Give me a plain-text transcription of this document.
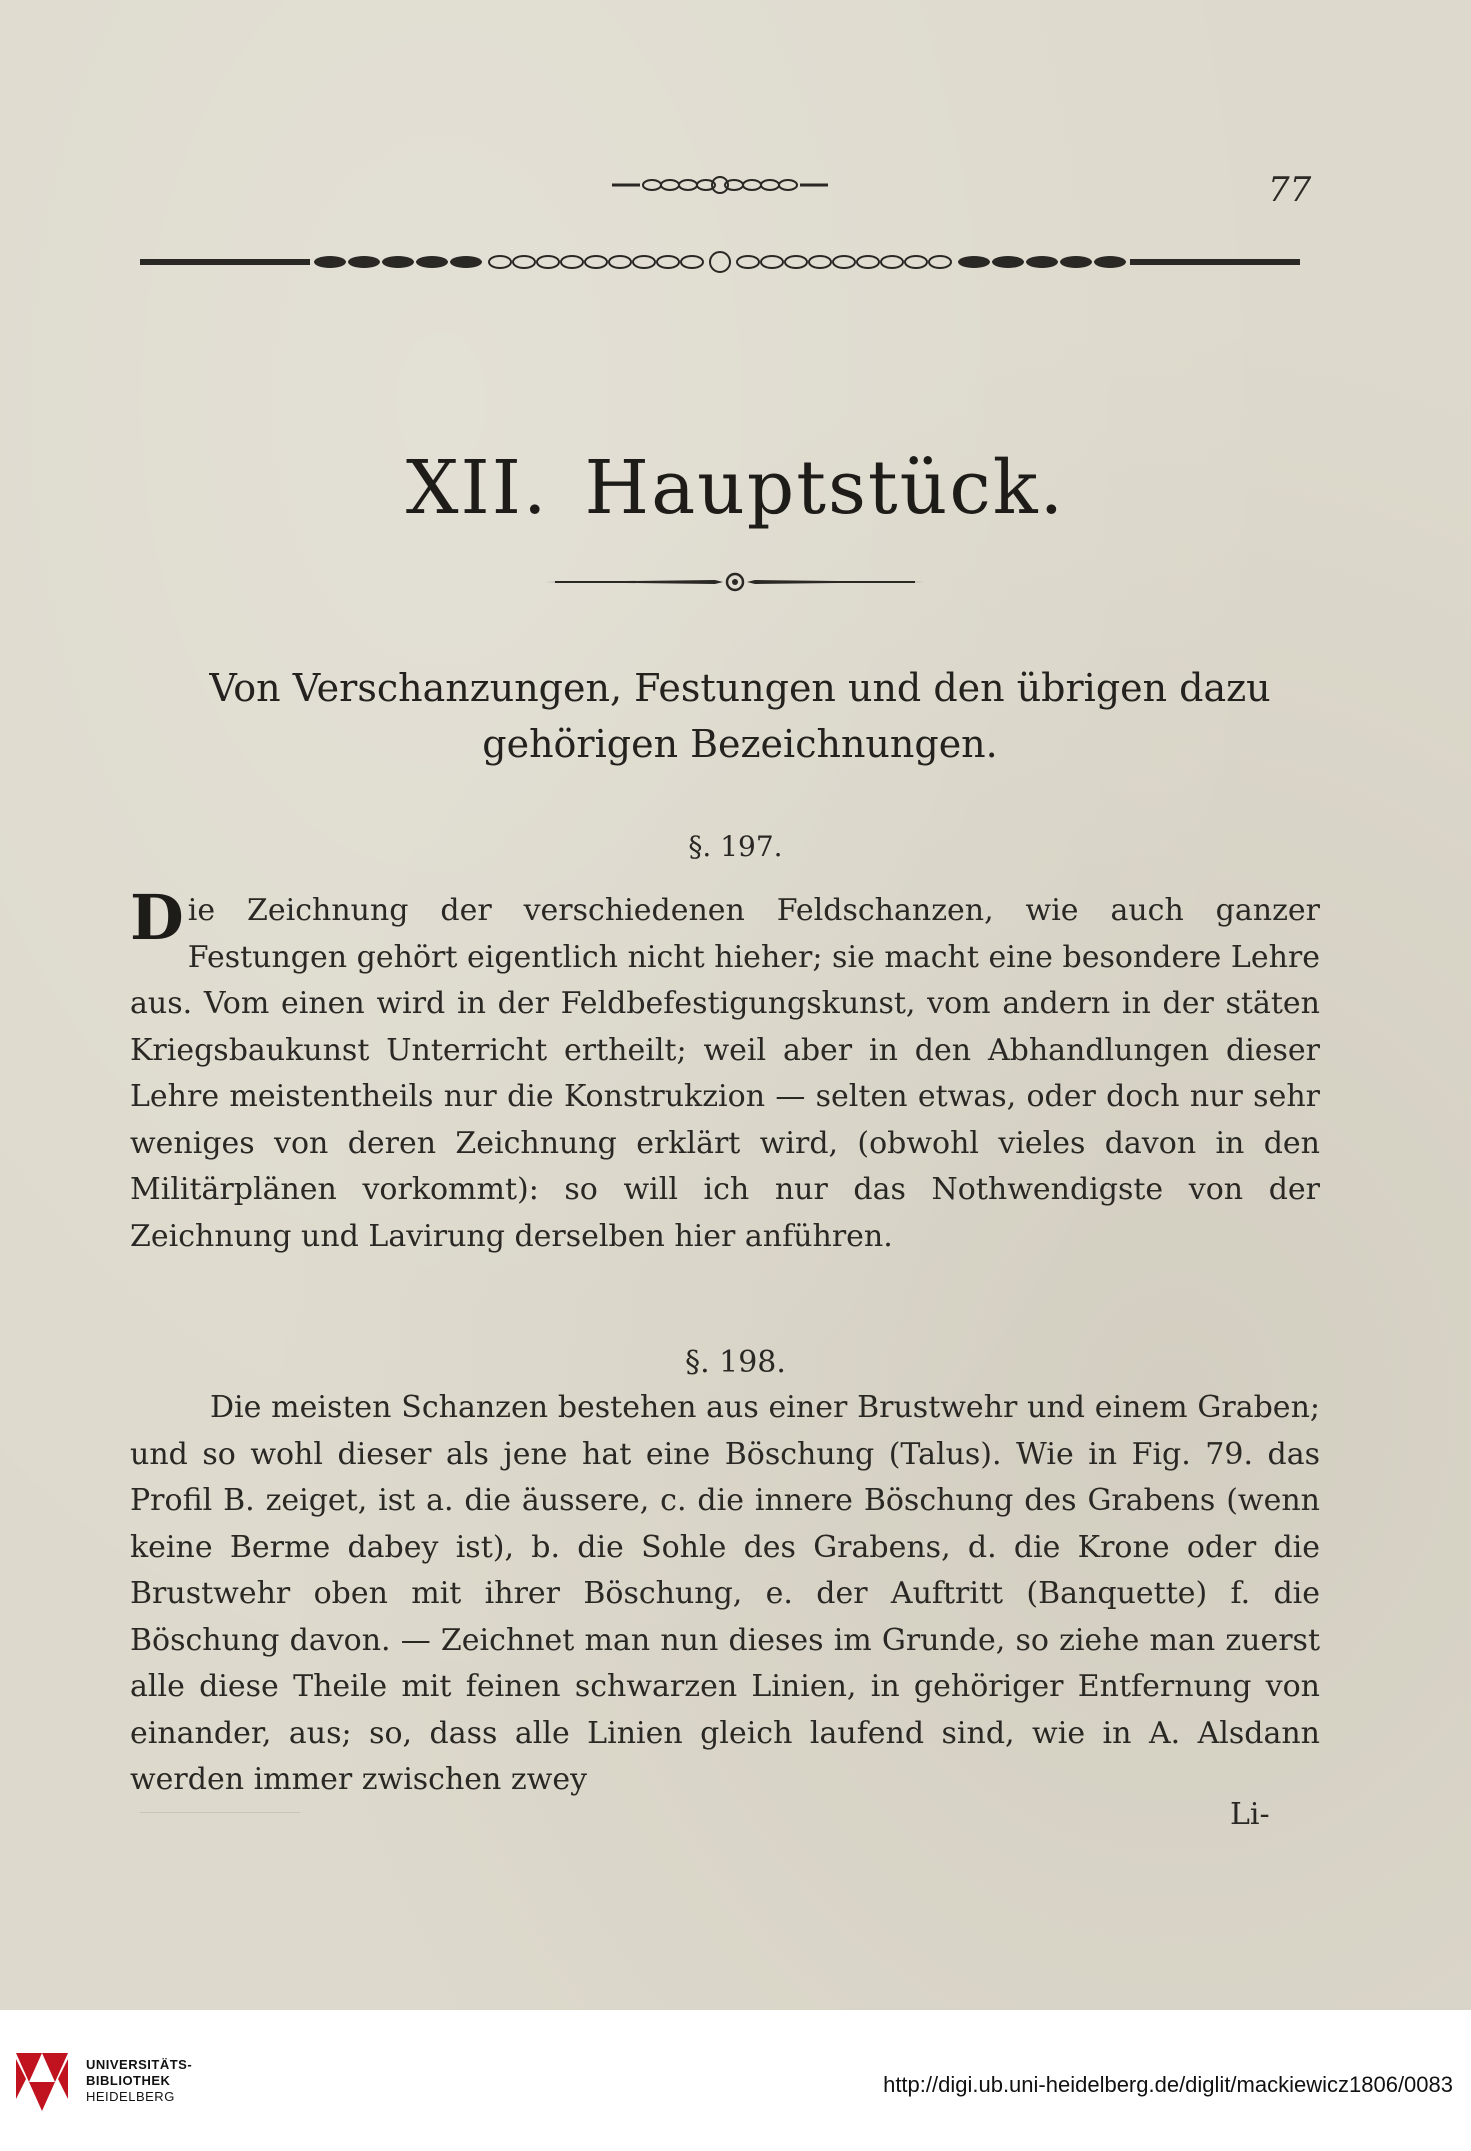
77
XII. Hauptstück.
Von Verschanzungen, Festungen und den übrigen dazu
gehörigen Bezeichnungen.
§. 197.
Die Zeichnung der verschiedenen Feldschanzen, wie auch ganzer Festungen gehört eigentlich nicht hieher; sie macht eine besondere Lehre aus. Vom einen wird in der Feldbefestigungskunst, vom andern in der stäten Kriegsbaukunst Unterricht ertheilt; weil aber in den Abhandlungen dieser Lehre meistentheils nur die Konstrukzion — selten etwas, oder doch nur sehr weniges von deren Zeichnung erklärt wird, (obwohl vieles davon in den Militärplänen vorkommt): so will ich nur das Nothwendigste von der Zeichnung und Lavirung derselben hier anführen.
§. 198.
Die meisten Schanzen bestehen aus einer Brustwehr und einem Graben; und so wohl dieser als jene hat eine Böschung (Talus). Wie in Fig. 79. das Profil B. zeiget, ist a. die äussere, c. die innere Böschung des Grabens (wenn keine Berme dabey ist), b. die Sohle des Grabens, d. die Krone oder die Brustwehr oben mit ihrer Böschung, e. der Auftritt (Banquette) f. die Böschung davon. — Zeichnet man nun dieses im Grunde, so ziehe man zuerst alle diese Theile mit feinen schwarzen Linien, in gehöriger Entfernung von einander, aus; so, dass alle Linien gleich laufend sind, wie in A. Alsdann werden immer zwischen zwey
Li-
UNIVERSITÄTS-
BIBLIOTHEK
HEIDELBERG	http://digi.ub.uni-heidelberg.de/diglit/mackiewicz1806/0083
